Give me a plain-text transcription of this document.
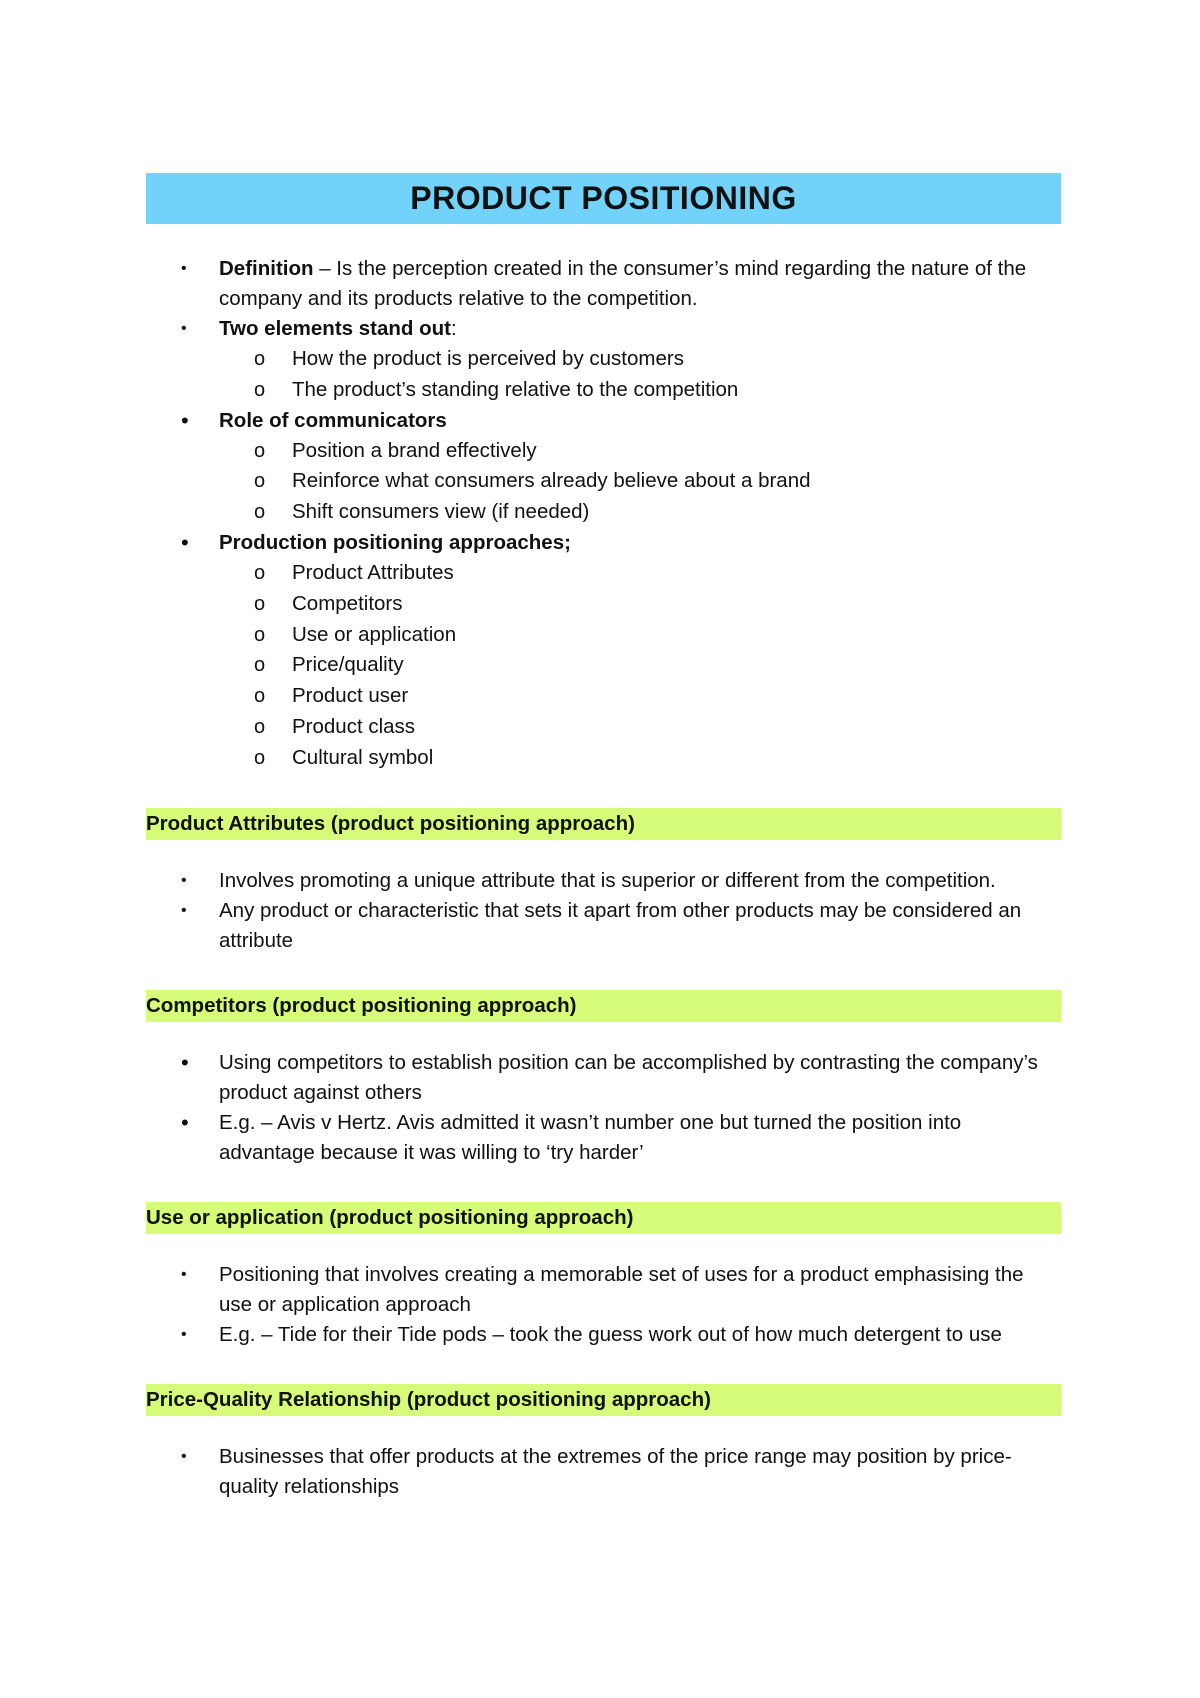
PRODUCT POSITIONING
• Definition – Is the perception created in the consumer’s mind regarding the nature of the company and its products relative to the competition.
• Two elements stand out:
o How the product is perceived by customers
o The product’s standing relative to the competition
• Role of communicators
o Position a brand effectively
o Reinforce what consumers already believe about a brand
o Shift consumers view (if needed)
• Production positioning approaches;
o Product Attributes
o Competitors
o Use or application
o Price/quality
o Product user
o Product class
o Cultural symbol
Product Attributes (product positioning approach)
• Involves promoting a unique attribute that is superior or different from the competition.
• Any product or characteristic that sets it apart from other products may be considered an attribute
Competitors (product positioning approach)
• Using competitors to establish position can be accomplished by contrasting the company’s product against others
• E.g. – Avis v Hertz. Avis admitted it wasn’t number one but turned the position into advantage because it was willing to ‘try harder’
Use or application (product positioning approach)
• Positioning that involves creating a memorable set of uses for a product emphasising the use or application approach
• E.g. – Tide for their Tide pods – took the guess work out of how much detergent to use
Price-Quality Relationship (product positioning approach)
• Businesses that offer products at the extremes of the price range may position by price-quality relationships
